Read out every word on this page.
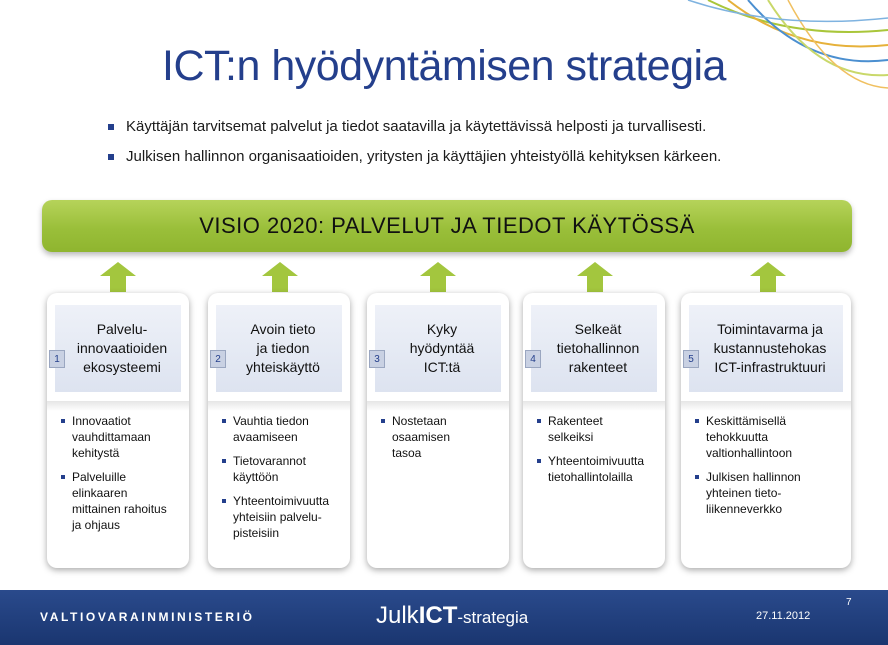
ICT:n hyödyntämisen strategia
Käyttäjän tarvitsemat palvelut ja tiedot saatavilla ja käytettävissä helposti ja turvallisesti.
Julkisen hallinnon organisaatioiden, yritysten ja käyttäjien yhteistyöllä kehityksen kärkeen.
VISIO 2020: PALVELUT JA TIEDOT KÄYTÖSSÄ
1
Palvelu-
innovaatioiden
ekosysteemi
Innovaatiot
vauhdittamaan
kehitystä
Palveluille
elinkaaren
mittainen rahoitus
ja ohjaus
2
Avoin tieto
ja tiedon
yhteiskäyttö
Vauhtia tiedon
avaamiseen
Tietovarannot
käyttöön
Yhteentoimivuutta
yhteisiin palvelu-
pisteisiin
3
Kyky
hyödyntää
ICT:tä
Nostetaan
osaamisen
tasoa
4
Selkeät
tietohallinnon
rakenteet
Rakenteet
selkeiksi
Yhteentoimivuutta
tietohallintolailla
5
Toimintavarma ja
kustannustehokas
ICT-infrastruktuuri
Keskittämisellä
tehokkuutta
valtionhallintoon
Julkisen hallinnon
yhteinen tieto-
liikenneverkko
VALTIOVARAINMINISTERIÖ	JulkICT-strategia	27.11.2012
7
